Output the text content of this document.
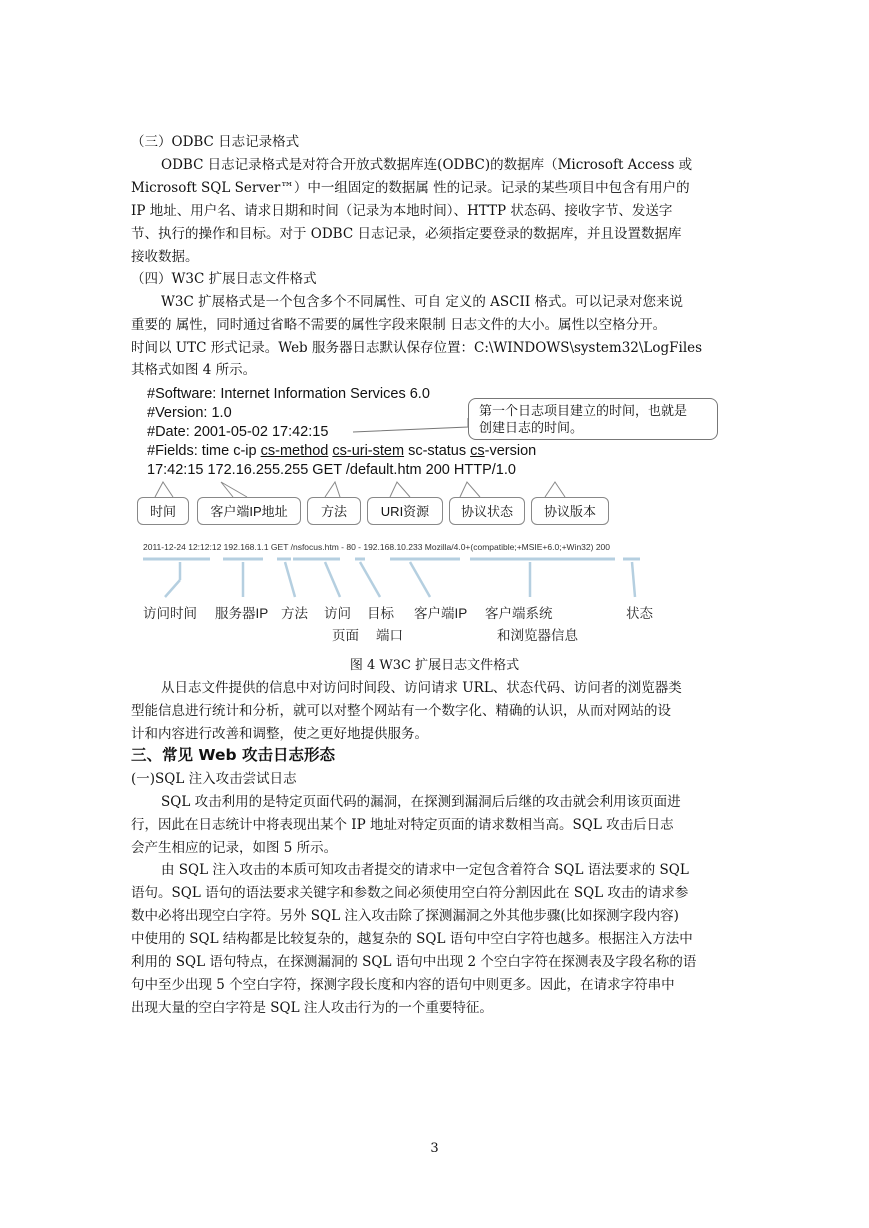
（三）ODBC 日志记录格式
ODBC 日志记录格式是对符合开放式数据库连(ODBC)的数据库（Microsoft Access 或
Microsoft SQL Server™）中一组固定的数据属 性的记录。记录的某些项目中包含有用户的
IP 地址、用户名、请求日期和时间（记录为本地时间）、HTTP 状态码、接收字节、发送字
节、执行的操作和目标。对于 ODBC 日志记录，必须指定要登录的数据库，并且设置数据库
接收数据。
（四）W3C 扩展日志文件格式
W3C 扩展格式是一个包含多个不同属性、可自 定义的 ASCII 格式。可以记录对您来说
重要的 属性，同时通过省略不需要的属性字段来限制 日志文件的大小。属性以空格分开。
时间以 UTC 形式记录。Web 服务器日志默认保存位置：C:\WINDOWS\system32\LogFiles
其格式如图 4 所示。
#Software: Internet Information Services 6.0
#Version: 1.0
#Date: 2001-05-02 17:42:15
#Fields: time c-ip cs-method cs-uri-stem sc-status cs-version
17:42:15 172.16.255.255 GET /default.htm 200 HTTP/1.0
第一个日志项目建立的时间，也就是
创建日志的时间。
时间	客户端IP地址	方法	URI资源	协议状态	协议版本
2011-12-24 12:12:12 192.168.1.1 GET /nsfocus.htm - 80 - 192.168.10.233 Mozilla/4.0+(compatible;+MSIE+6.0;+Win32) 200
访问时间 服务器IP 方法 访问
页面
目标
端口
客户端IP 客户端系统
和浏览器信息
状态
图 4 W3C 扩展日志文件格式
从日志文件提供的信息中对访问时间段、访问请求 URL、状态代码、访问者的浏览器类
型能信息进行统计和分析，就可以对整个网站有一个数字化、精确的认识，从而对网站的设
计和内容进行改善和调整，使之更好地提供服务。
三、常见 Web 攻击日志形态
(一)SQL 注入攻击尝试日志
SQL 攻击利用的是特定页面代码的漏洞，在探测到漏洞后后继的攻击就会利用该页面进
行，因此在日志统计中将表现出某个 IP 地址对特定页面的请求数相当高。SQL 攻击后日志
会产生相应的记录，如图 5 所示。
由 SQL 注入攻击的本质可知攻击者提交的请求中一定包含着符合 SQL 语法要求的 SQL
语句。SQL 语句的语法要求关键字和参数之间必须使用空白符分割因此在 SQL 攻击的请求参
数中必将出现空白字符。另外 SQL 注入攻击除了探测漏洞之外其他步骤(比如探测字段内容)
中使用的 SQL 结构都是比较复杂的，越复杂的 SQL 语句中空白字符也越多。根据注入方法中
利用的 SQL 语句特点，在探测漏洞的 SQL 语句中出现 2 个空白字符在探测表及字段名称的语
句中至少出现 5 个空白字符，探测字段长度和内容的语句中则更多。因此，在请求字符串中
出现大量的空白字符是 SQL 注人攻击行为的一个重要特征。
3
